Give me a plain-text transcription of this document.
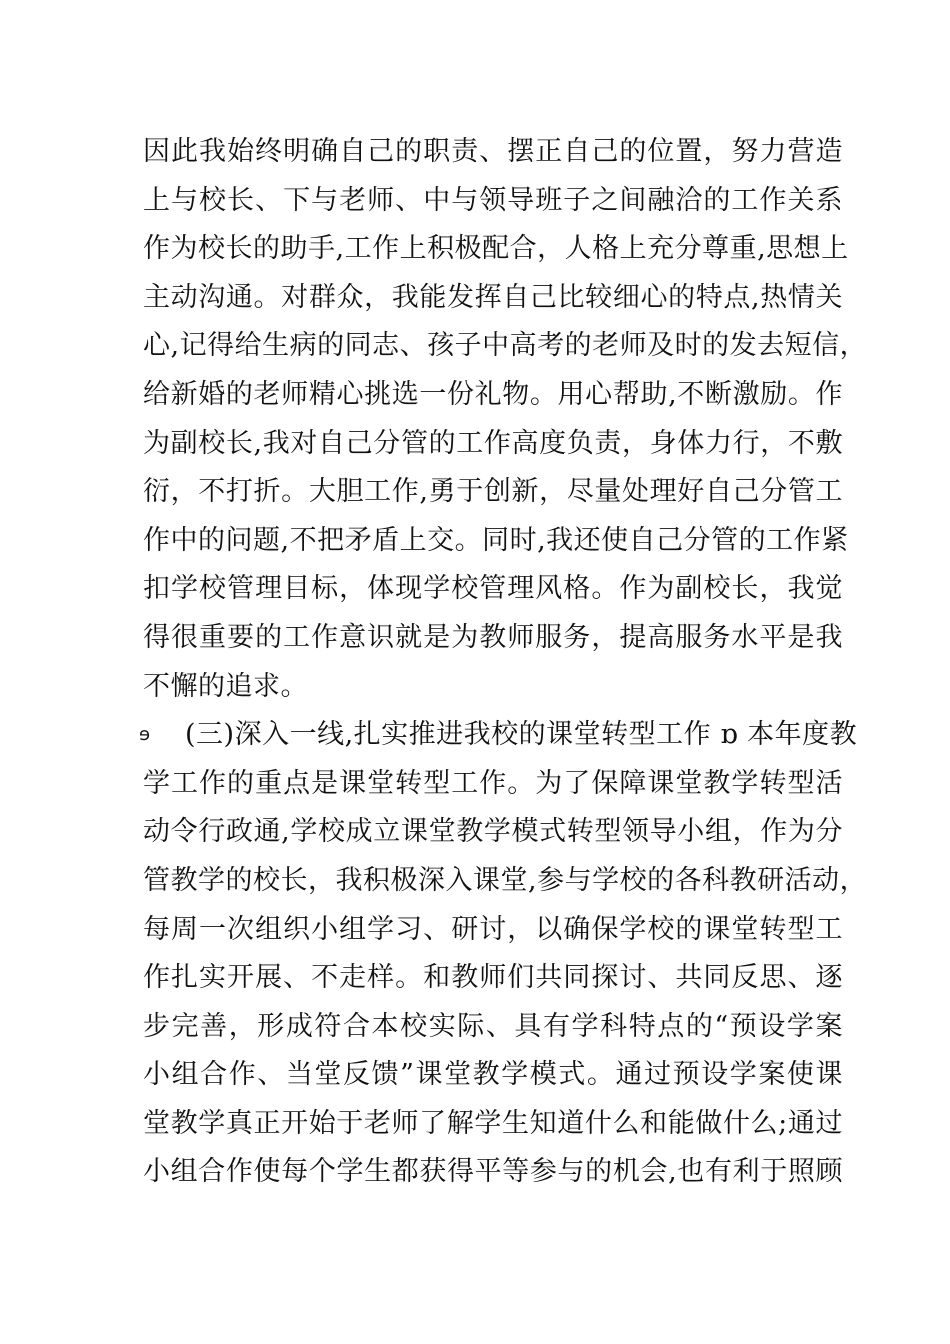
因此我始终明确自己的职责、摆正自己的位置，努力营造
上与校长、下与老师、中与领导班子之间融洽的工作关系
作为校长的助手,工作上积极配合，人格上充分尊重,思想上
主动沟通。对群众，我能发挥自己比较细心的特点,热情关
心,记得给生病的同志、孩子中高考的老师及时的发去短信，
给新婚的老师精心挑选一份礼物。用心帮助,不断激励。作
为副校长,我对自己分管的工作高度负责，身体力行，不敷
衍，不打折。大胆工作,勇于创新，尽量处理好自己分管工
作中的问题,不把矛盾上交。同时,我还使自己分管的工作紧
扣学校管理目标，体现学校管理风格。作为副校长，我觉
得很重要的工作意识就是为教师服务，提高服务水平是我
不懈的追求。
ɘ	(三)深入一线,扎实推进我校的课堂转型工作 ɒ 本年度教
学工作的重点是课堂转型工作。为了保障课堂教学转型活
动令行政通,学校成立课堂教学模式转型领导小组，作为分
管教学的校长，我积极深入课堂,参与学校的各科教研活动，
每周一次组织小组学习、研讨，以确保学校的课堂转型工
作扎实开展、不走样。和教师们共同探讨、共同反思、逐
步完善，形成符合本校实际、具有学科特点的“预设学案
小组合作、当堂反馈”课堂教学模式。通过预设学案使课
堂教学真正开始于老师了解学生知道什么和能做什么;通过
小组合作使每个学生都获得平等参与的机会,也有利于照顾
